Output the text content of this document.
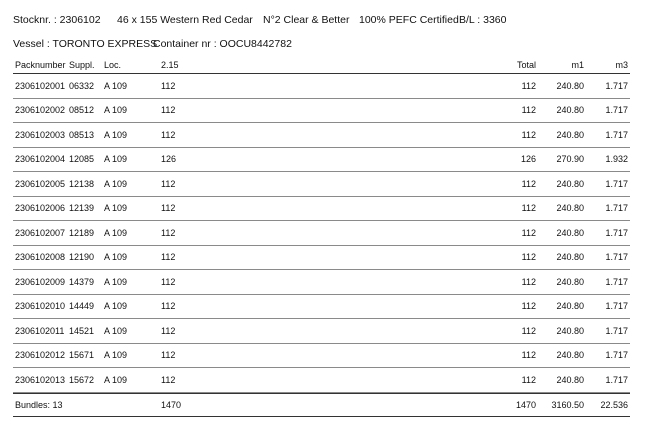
Stocknr. : 2306102 46 x 155 Western Red Cedar N°2 Clear & Better 100% PEFC Certified B/L : 3360
Vessel : TORONTO EXPRESS
Container nr : OOCU8442782
Packnumber Suppl. Loc.	2.15	Total	m1	m3
2306102001 06332 A 109	112	112 240.80 1.717
2306102002 08512 A 109	112	112 240.80 1.717
2306102003 08513 A 109	112	112 240.80 1.717
2306102004 12085 A 109	126	126 270.90 1.932
2306102005 12138 A 109	112	112 240.80 1.717
2306102006 12139 A 109	112	112 240.80 1.717
2306102007 12189 A 109	112	112 240.80 1.717
2306102008 12190 A 109	112	112 240.80 1.717
2306102009 14379 A 109	112	112 240.80 1.717
2306102010 14449 A 109	112	112 240.80 1.717
2306102011 14521 A 109	112	112 240.80 1.717
2306102012 15671 A 109	112	112 240.80 1.717
2306102013 15672 A 109	112	112 240.80 1.717
Bundles: 13	1470	1470 3160.50 22.536
